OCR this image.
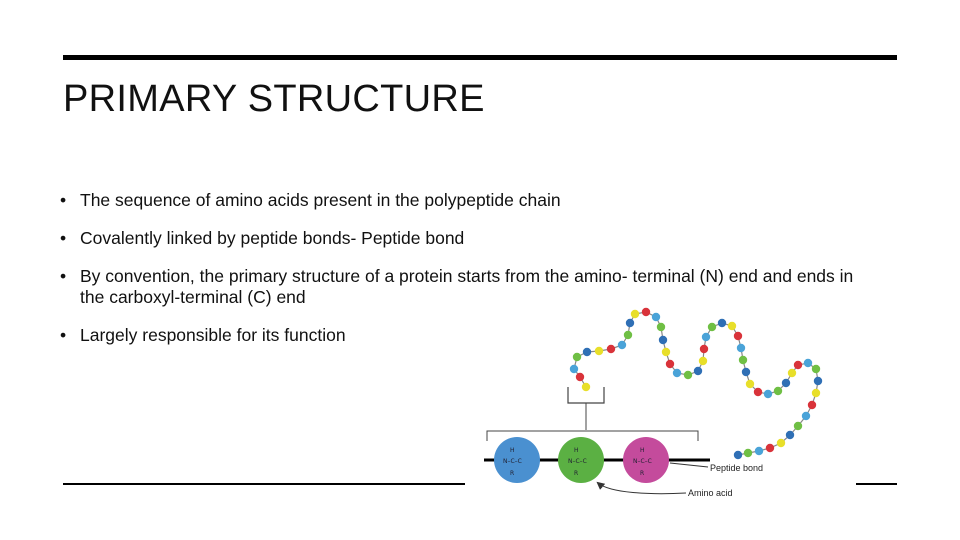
PRIMARY STRUCTURE
• The sequence of amino acids present in the polypeptide chain
• Covalently linked by peptide bonds- Peptide bond
• By convention, the primary structure of a protein starts from the amino- terminal (N) end and ends in the carboxyl-terminal (C) end
• Largely responsible for its function
H
N–C–C
R
H
N–C–C
R
H
N–C–C
R
Peptide bond
Amino acid
